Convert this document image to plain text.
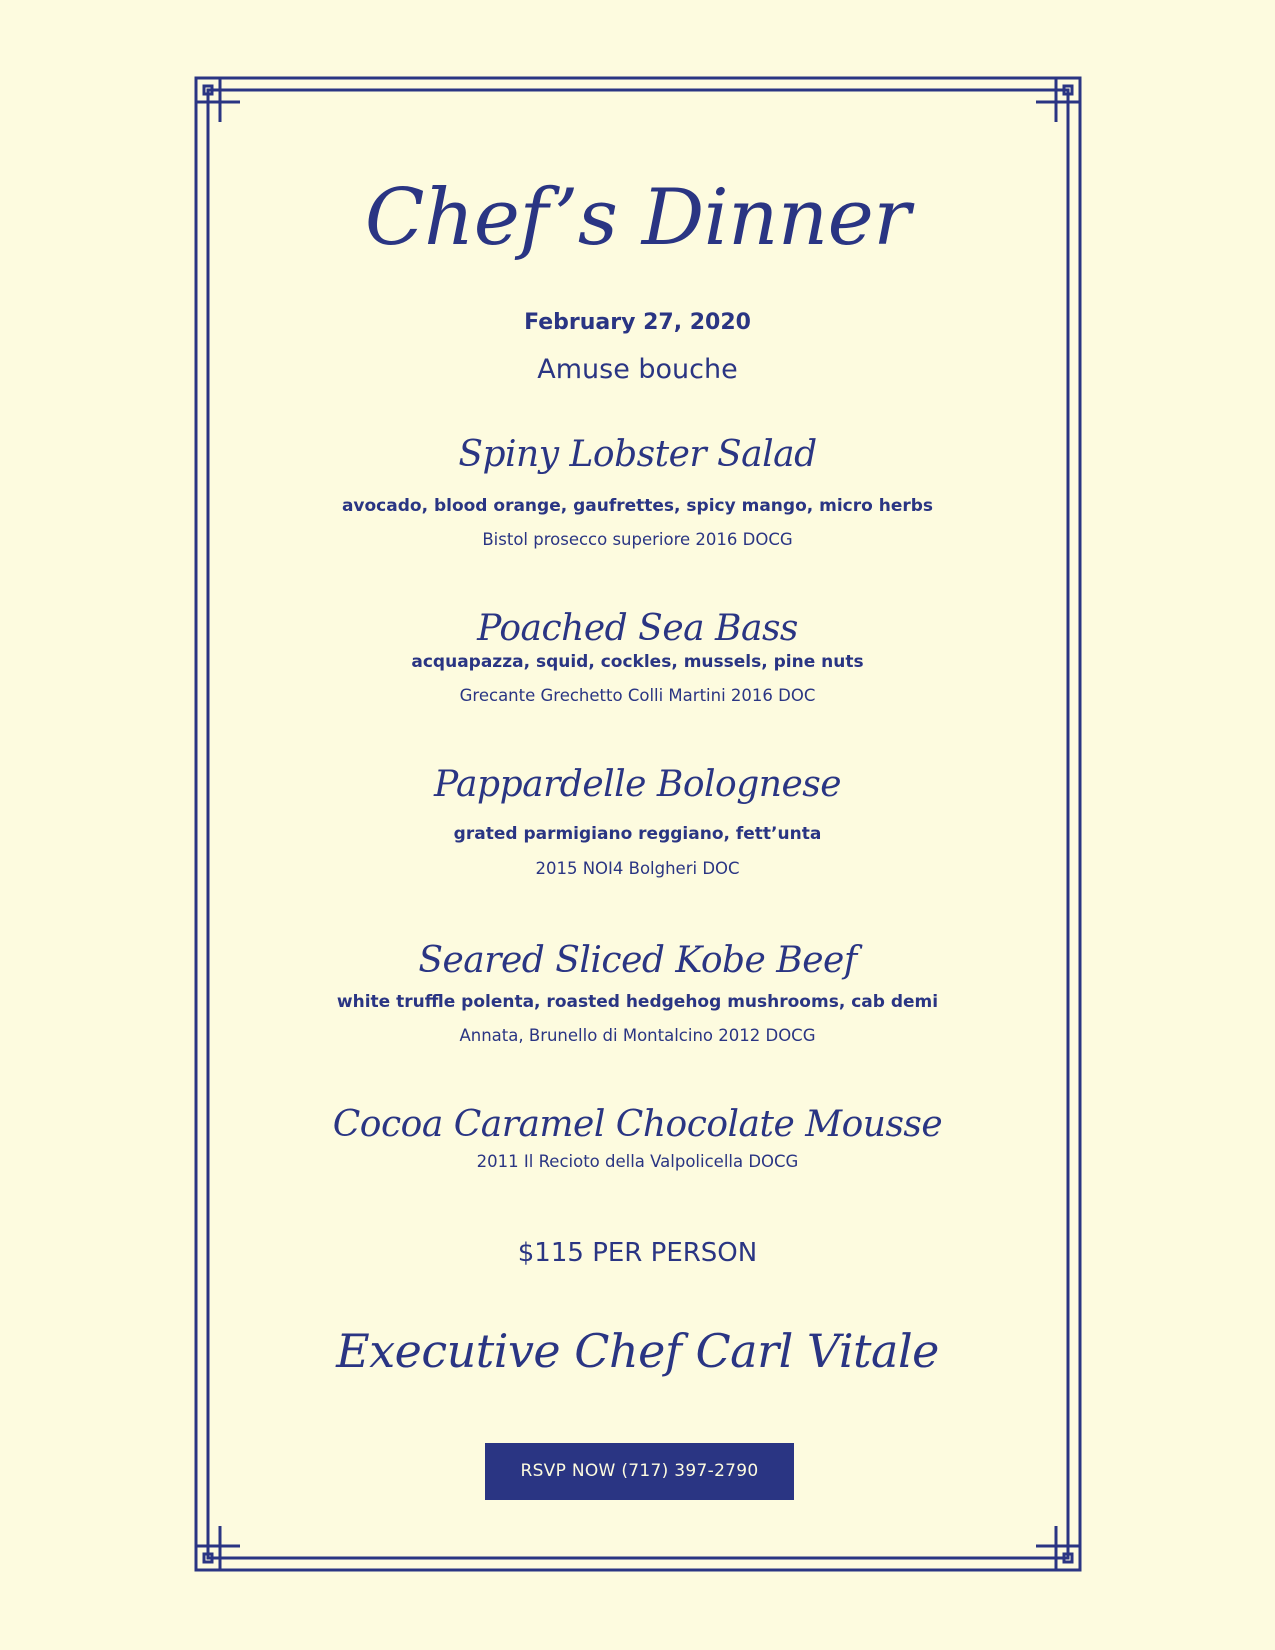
Chef’s Dinner
February 27, 2020
Amuse bouche
Spiny Lobster Salad
avocado, blood orange, gaufrettes, spicy mango, micro herbs
Bistol prosecco superiore 2016 DOCG
Poached Sea Bass
acquapazza, squid, cockles, mussels, pine nuts
Grecante Grechetto Colli Martini 2016 DOC
Pappardelle Bolognese
grated parmigiano reggiano, fett’unta
2015 NOI4 Bolgheri DOC
Seared Sliced Kobe Beef
white truffle polenta, roasted hedgehog mushrooms, cab demi
Annata, Brunello di Montalcino 2012 DOCG
Cocoa Caramel Chocolate Mousse
2011 Il Recioto della Valpolicella DOCG
$115 PER PERSON
Executive Chef Carl Vitale
RSVP NOW (717) 397-2790
